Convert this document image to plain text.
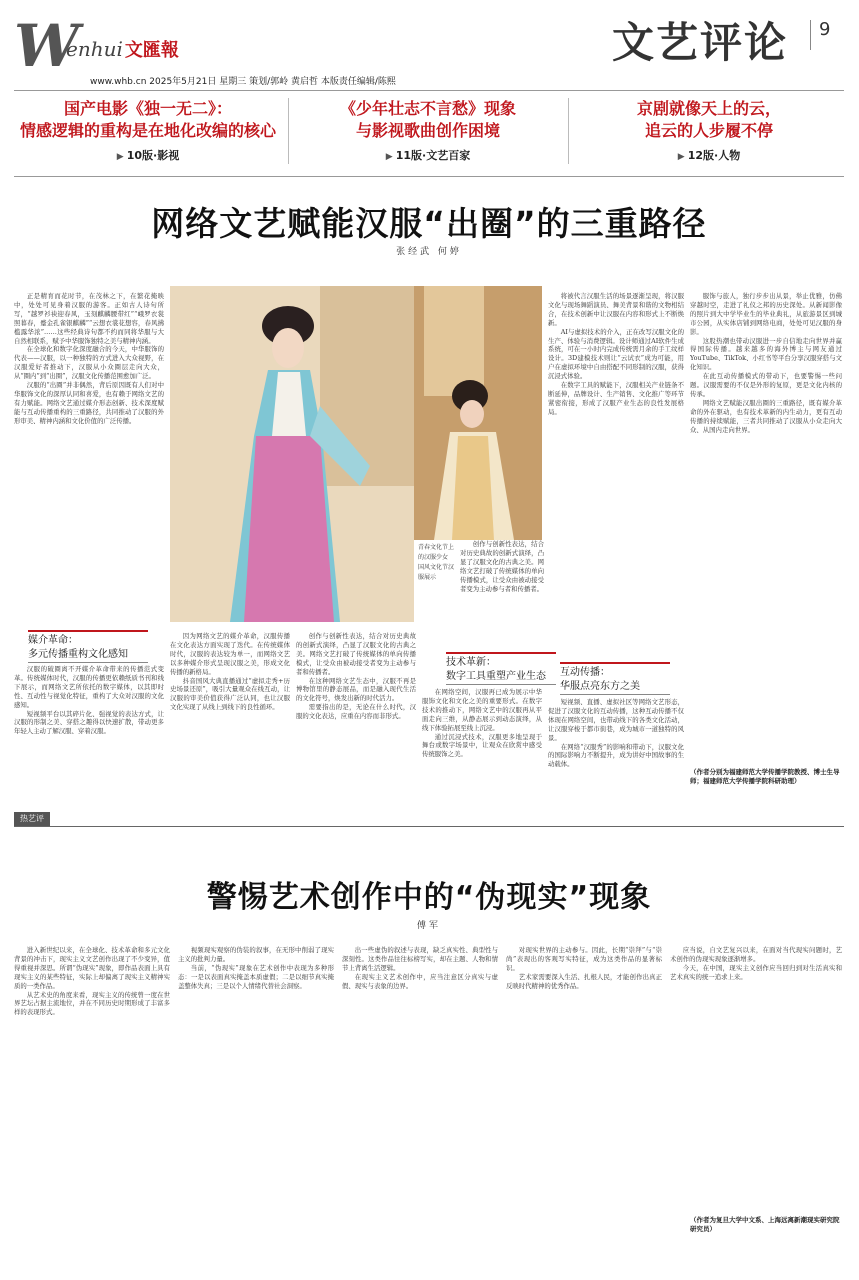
W
enhui 文匯報
www.whb.cn 2025年5月21日 星期三 策划/郭岭 黄启哲 本版责任编辑/陈熙
文艺评论	9
国产电影《独一无二》：
情感逻辑的重构是在地化改编的核心
▶ 10版·影视
《少年壮志不言愁》现象
与影视歌曲创作困境
▶ 11版·文艺百家
京剧就像天上的云，
追云的人步履不停
▶ 12版·人物
网络文艺赋能汉服“出圈”的三重路径
张经武 何婷

正是精育而花时节，在茂林之下，在繁花掩映中，处处可见身着汉服的游客。正如古人诗句所写，“越罗衫袂迎春风，玉刻麒麟腰带红”“峨罗衣裳照暮春，蹙金孔雀银麒麟”“云想衣裳花想容，春风拂槛露华浓”……这些经典诗句都不约而同将华服与大自然相联系，赋予中华服饰独特之美与精神内涵。

在全球化和数字化深度融合的今天，中华服饰的代表——汉服，以一种独特的方式进入大众视野，在汉服爱好者推动下，汉服从小众圈层走向大众，从“圈内”到“出圈”，汉服文化传播范围愈加广泛。

汉服的“出圈”并非偶然，背后原因既有人们对中华服饰文化的深厚认同和喜爱，也有赖于网络文艺的有力赋能。网络文艺通过媒介形态创新、技术深度赋能与互动传播重构的三重路径，共同推动了汉服的外形审美、精神内涵和文化价值的广泛传播。

媒介革命：
多元传播重构文化感知

汉服的破圈离不开媒介革命带来的传播范式变革。传统媒体时代，汉服的传播更依赖纸质书刊和线下展示，而网络文艺所依托的数字媒体，以其即时性、互动性与视觉化特征，重构了大众对汉服的文化感知。

短视频平台以其碎片化、强视觉的表达方式，让汉服的形制之美、穿搭之趣得以快速扩散，带动更多年轻人主动了解汉服、穿着汉服。

青春文化节上的汉服少女
国风文化节汉服展示

因为网络文艺的媒介革命，汉服传播在文化表达方面实现了迭代。在传统媒体时代，汉服的表达较为单一，而网络文艺以多种媒介形式呈现汉服之美，形成文化传播的新格局。

抖音国风大典直播通过“虚拟走秀+历史场景还原”，吸引大量观众在线互动，让汉服的审美价值获得广泛认同，也让汉服文化实现了从线上到线下的良性循环。

创作与创新性表达，结合对历史典故的创新式演绎，凸显了汉服文化的古典之美。网络文艺打破了传统媒体的单向传播模式，让受众由被动接受者变为主动参与者和传播者。

在这种网络文艺生态中，汉服不再是博物馆里的静态展品，而是融入现代生活的文化符号，焕发出新的时代活力。

需要指出的是，无论在什么时代，汉服的文化表达，应重在内容而非形式。

创作与创新性表达，结合对历史典故的创新式演绎，凸显了汉服文化的古典之美。网络文艺打破了传统媒体的单向传播模式，让受众由被动接受者变为主动参与者和传播者。

技术革新：
数字工具重塑产业生态

在网络空间，汉服再已成为展示中华服饰文化和文化之美的重要形式。在数字技术的推动下，网络文艺中的汉服再从平面走向三维，从静态展示到动态演绎，从线下体验拓展至线上沉浸。

通过沉浸式技术，汉服更多地呈现于舞台或数字场景中，让观众在欣赏中感受传统服饰之美。

将被代言汉服生活的场景逐渐呈现，将汉服文化与现场舞蹈演员、舞美背景和谐的文物相结合，在技术创新中让汉服在内容和形式上不断焕新。

AI与虚拟技术的介入，正在改写汉服文化的生产、体验与消费逻辑。设计师通过AI软件生成系统，可在一小时内完成传统需月余的手工纹样设计。3D建模技术则让“云试衣”成为可能，用户在虚拟环境中自由搭配不同形制的汉服，获得沉浸式体验。

在数字工具的赋能下，汉服相关产业链条不断延伸，品牌设计、生产销售、文化推广等环节紧密衔接，形成了汉服产业生态的良性发展格局。

互动传播：
华服点亮东方之美

短视频、直播、虚拟社区等网络文艺形态，促进了汉服文化的互动传播，这种互动传播不仅体现在网络空间，也带动线下的各类文化活动，让汉服穿梭于都市街巷，成为城市一道独特的风景。

在网络“汉服秀”的影响和带动下，汉服文化的国际影响力不断提升，成为讲好中国故事的生动载体。

服饰与旅人，独行步步出从景，举止优雅，仿佛穿越时空，走进了礼仪之邦的历史深处。从新闻影像的照片到大中学毕业生的毕业典礼，从旅游景区到城市公园，从实体店铺到网络电商，处处可见汉服的身影。

这股热潮也带动汉服进一步自信地走向世界并赢得国际传播。越来越多的海外博主与网友通过YouTube、TikTok、小红书等平台分享汉服穿搭与文化知识。

在此互动传播模式的带动下，也要警惕一些问题。汉服需要的不仅是外形的复原，更是文化内核的传承。

网络文艺赋能汉服出圈的三重路径，既有媒介革命的外在驱动，也有技术革新的内生动力，更有互动传播的持续赋能，三者共同推动了汉服从小众走向大众、从国内走向世界。

（作者分别为福建师范大学传播学院教授、博士生导师；福建师范大学传播学院科研助理）
热艺评
警惕艺术创作中的“伪现实”现象
傅军

进入新世纪以来，在全球化、技术革命和多元文化背景的冲击下，现实主义文艺创作出现了不少变异，值得重视并深思。所谓“伪现实”现象，即作品表面上具有现实主义的某些特征，实际上却偏离了现实主义精神实质的一类作品。

从艺术史的角度来看，现实主义的传统曾一度在世界艺坛占据主流地位，并在不同历史时期形成了丰富多样的表现形式。

视频现实观察的伪装的叙事，在无形中削弱了现实主义的批判力量。

当前，“伪现实”现象在艺术创作中表现为多种形态：一是以表面真实掩盖本质虚假；二是以细节真实掩盖整体失真；三是以个人情绪代替社会洞察。

出一些虚伪的叙述与表现，缺乏真实性、典型性与深刻性。这类作品往往标榜写实，却在主题、人物和情节上背离生活逻辑。

在现实主义艺术创作中，应当注意区分真实与虚假、现实与表象的边界。

对现实世界的主动参与。因此，长期“崇拜”与“崇尚”表现出的客观写实特征，成为这类作品的显著标识。

艺术家需要深入生活、扎根人民，才能创作出真正反映时代精神的优秀作品。

应当说，自文艺复兴以来，在面对当代现实问题时，艺术创作的伪现实现象逐渐增多。

今天，在中国，现实主义创作应当回归到对生活真实和艺术真实的统一追求上来。

（作者为复旦大学中文系、上海远离新潮现实研究院研究员）
